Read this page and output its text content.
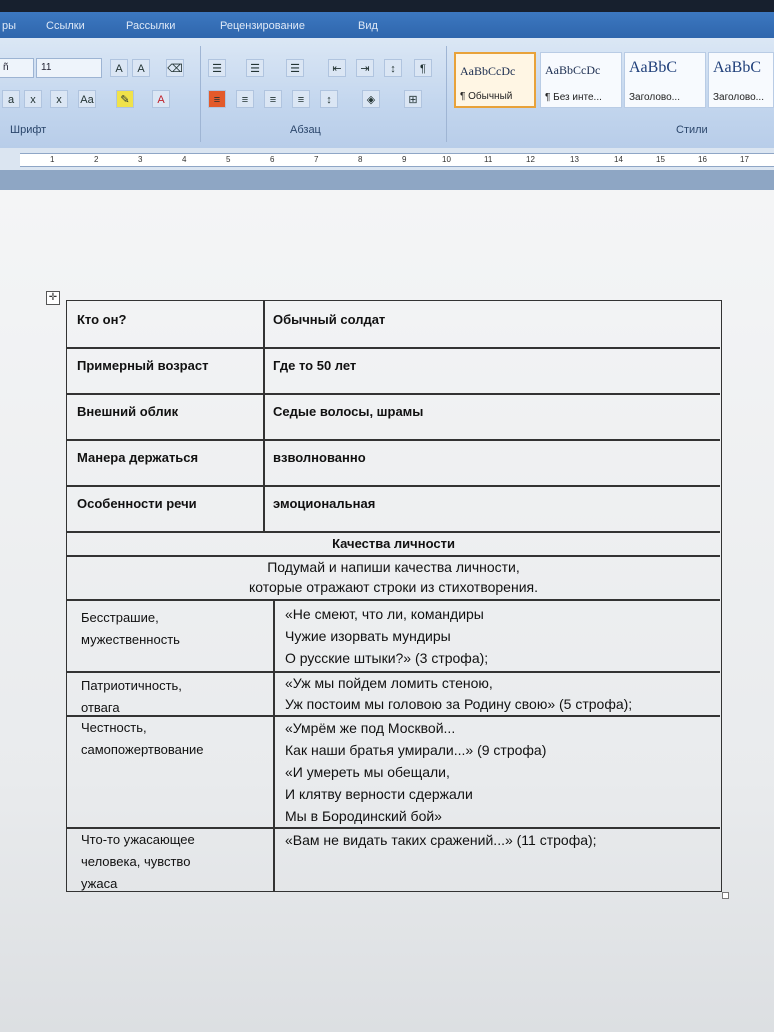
ры	Ссылки	Рассылки	Рецензирование	Вид
ñ	11	A	A	⌫
a	x	x	Aa	✎	A
Шрифт
☰	☰	☰	⇤	⇥	↕	¶
≡	≡	≡	≡	↕	◈	⊞
Абзац
AaBbCcDc
¶ Обычный
AaBbCcDc
¶ Без инте...
AaBbC
Заголово...
AaBbC
Заголово...
Стили
1	2	3	4	5	6	7	8	9	10	11	12	13	14	15	16	17
✛
Кто он?	Обычный солдат
Примерный возраст	Где то 50 лет
Внешний облик	Седые волосы, шрамы
Манера держаться	взволнованно
Особенности речи	эмоциональная
Качества личности
Подумай и напиши качества личности,
которые отражают строки из стихотворения.
Бесстрашие,
мужественность
«Не смеют, что ли, командиры
Чужие изорвать мундиры
О русские штыки?» (3 строфа);
Патриотичность,
отвага
«Уж мы пойдем ломить стеною,
Уж постоим мы головою за Родину свою» (5 строфа);
Честность,
самопожертвование
«Умрём же под Москвой...
Как наши братья умирали...» (9 строфа)
«И умереть мы обещали,
И клятву верности сдержали
Мы в Бородинский бой»
Что-то ужасающее
человека, чувство
ужаса
«Вам не видать таких сражений...» (11 строфа);
